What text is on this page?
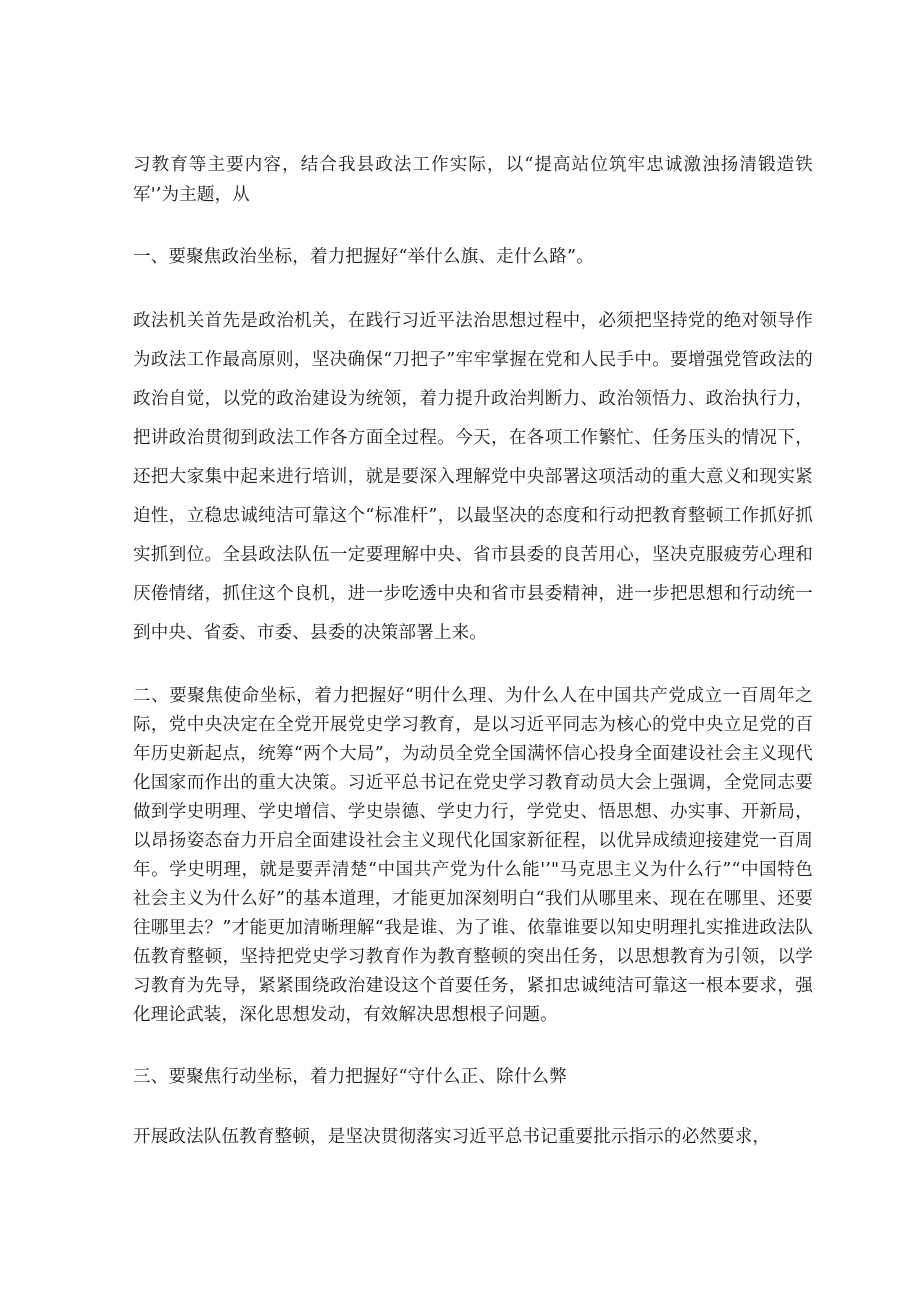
习教育等主要内容，结合我县政法工作实际，以“提高站位筑牢忠诚激浊扬清锻造铁军'’为主题，从

一、要聚焦政治坐标，着力把握好“举什么旗、走什么路”。

政法机关首先是政治机关，在践行习近平法治思想过程中，必须把坚持党的绝对领导作为政法工作最高原则，坚决确保“刀把子”牢牢掌握在党和人民手中。要增强党管政法的政治自觉，以党的政治建设为统领，着力提升政治判断力、政治领悟力、政治执行力，把讲政治贯彻到政法工作各方面全过程。今天，在各项工作繁忙、任务压头的情况下，还把大家集中起来进行培训，就是要深入理解党中央部署这项活动的重大意义和现实紧迫性，立稳忠诚纯洁可靠这个“标准杆”，以最坚决的态度和行动把教育整顿工作抓好抓实抓到位。全县政法队伍一定要理解中央、省市县委的良苦用心，坚决克服疲劳心理和厌倦情绪，抓住这个良机，进一步吃透中央和省市县委精神，进一步把思想和行动统一到中央、省委、市委、县委的决策部署上来。

二、要聚焦使命坐标，着力把握好“明什么理、为什么人在中国共产党成立一百周年之际，党中央决定在全党开展党史学习教育，是以习近平同志为核心的党中央立足党的百年历史新起点，统筹“两个大局”，为动员全党全国满怀信心投身全面建设社会主义现代化国家而作出的重大决策。习近平总书记在党史学习教育动员大会上强调，全党同志要做到学史明理、学史增信、学史崇德、学史力行，学党史、悟思想、办实事、开新局，以昂扬姿态奋力开启全面建设社会主义现代化国家新征程，以优异成绩迎接建党一百周年。学史明理，就是要弄清楚“中国共产党为什么能'’"马克思主义为什么行”“中国特色社会主义为什么好”的基本道理，才能更加深刻明白“我们从哪里来、现在在哪里、还要往哪里去？”才能更加清晰理解“我是谁、为了谁、依靠谁要以知史明理扎实推进政法队伍教育整顿，坚持把党史学习教育作为教育整顿的突出任务，以思想教育为引领，以学习教育为先导，紧紧围绕政治建设这个首要任务，紧扣忠诚纯洁可靠这一根本要求，强化理论武装，深化思想发动，有效解决思想根子问题。

三、要聚焦行动坐标，着力把握好“守什么正、除什么弊

开展政法队伍教育整顿，是坚决贯彻落实习近平总书记重要批示指示的必然要求，
